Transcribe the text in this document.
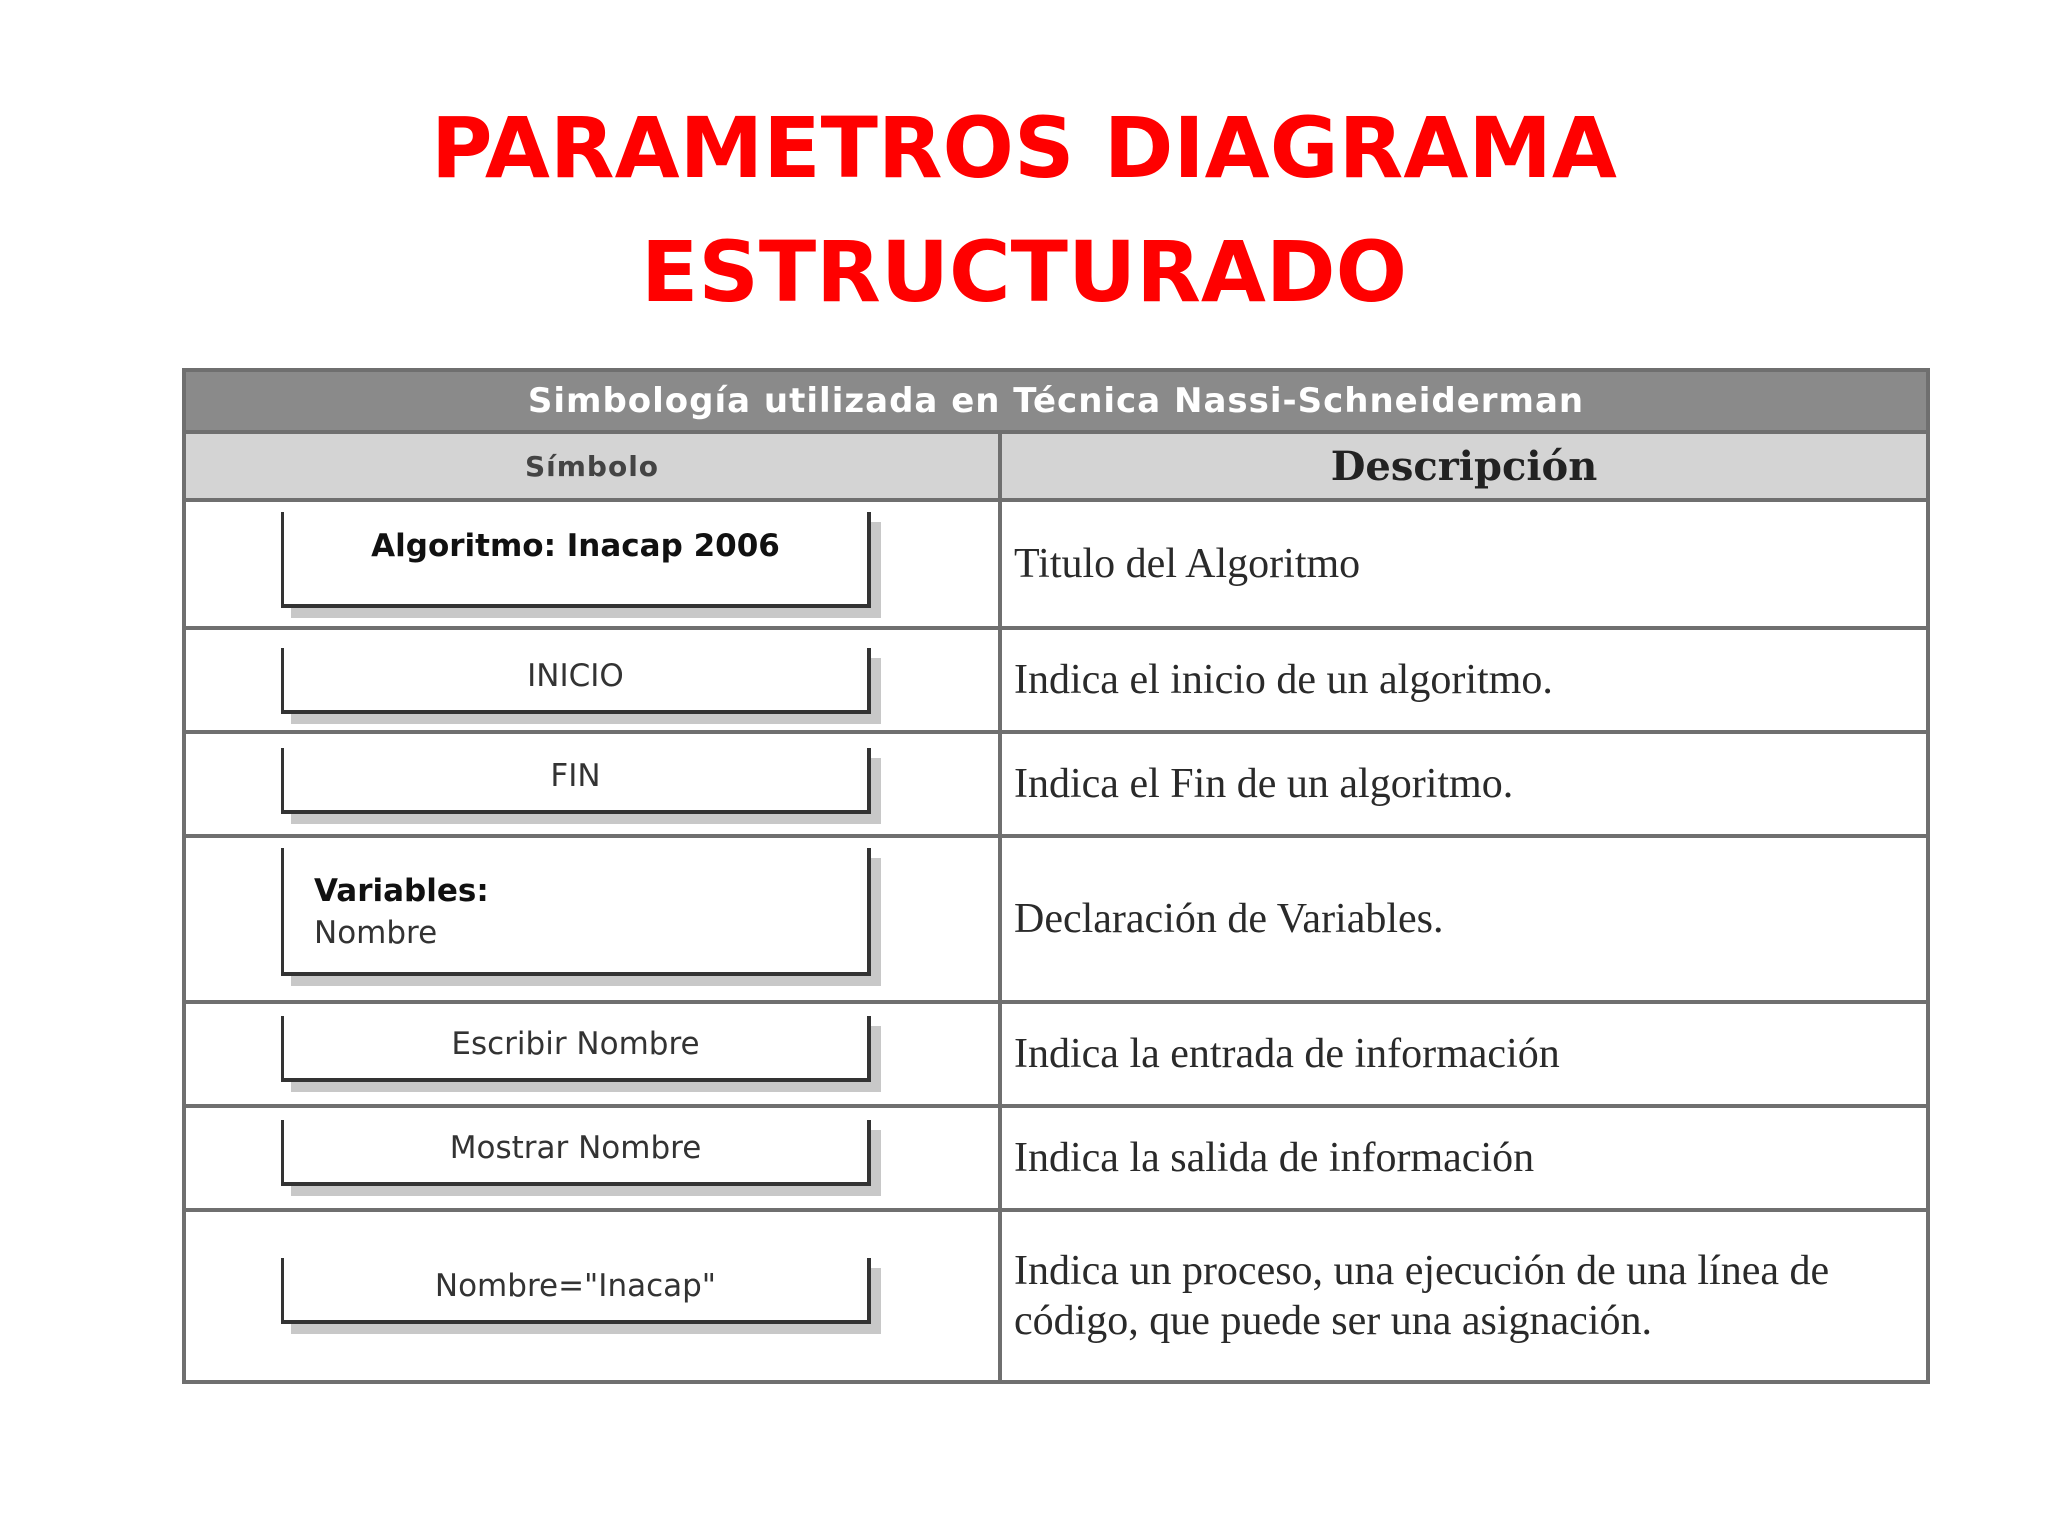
PARAMETROS DIAGRAMA
ESTRUCTURADO
Simbología utilizada en Técnica Nassi-Schneiderman	
Símbolo	Descripción

Algoritmo: Inacap 2006	Titulo del Algoritmo

INICIO	Indica el inicio de un algoritmo.

FIN	Indica el Fin de un algoritmo.

Variables:
Nombre	Declaración de Variables.

Escribir Nombre	Indica la entrada de información

Mostrar Nombre	Indica la salida de información

Nombre="Inacap"	Indica un proceso, una ejecución de una línea de código, que puede ser una asignación.
